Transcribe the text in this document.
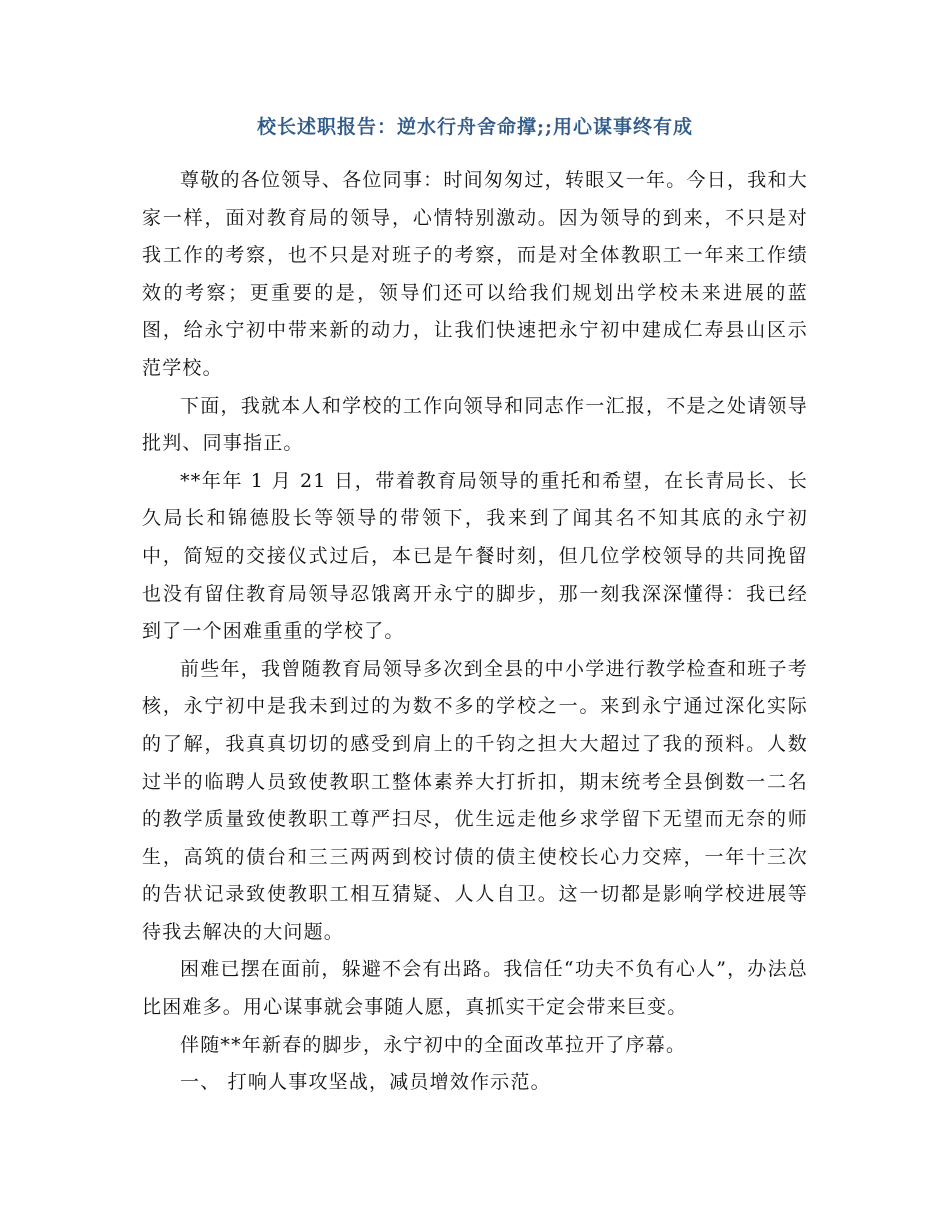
校长述职报告：逆水行舟舍命撑;;用心谋事终有成

尊敬的各位领导、各位同事：时间匆匆过，转眼又一年。今日，我和大家一样，面对教育局的领导，心情特别激动。因为领导的到来，不只是对我工作的考察，也不只是对班子的考察，而是对全体教职工一年来工作绩效的考察；更重要的是，领导们还可以给我们规划出学校未来进展的蓝图，给永宁初中带来新的动力，让我们快速把永宁初中建成仁寿县山区示范学校。

下面，我就本人和学校的工作向领导和同志作一汇报，不是之处请领导批判、同事指正。

**年年 1 月 21 日，带着教育局领导的重托和希望，在长青局长、长久局长和锦德股长等领导的带领下，我来到了闻其名不知其底的永宁初中，简短的交接仪式过后，本已是午餐时刻，但几位学校领导的共同挽留也没有留住教育局领导忍饿离开永宁的脚步，那一刻我深深懂得：我已经到了一个困难重重的学校了。

前些年，我曾随教育局领导多次到全县的中小学进行教学检查和班子考核，永宁初中是我未到过的为数不多的学校之一。来到永宁通过深化实际的了解，我真真切切的感受到肩上的千钧之担大大超过了我的预料。人数过半的临聘人员致使教职工整体素养大打折扣，期末统考全县倒数一二名的教学质量致使教职工尊严扫尽，优生远走他乡求学留下无望而无奈的师生，高筑的债台和三三两两到校讨债的债主使校长心力交瘁，一年十三次的告状记录致使教职工相互猜疑、人人自卫。这一切都是影响学校进展等待我去解决的大问题。

困难已摆在面前，躲避不会有出路。我信任“功夫不负有心人”，办法总比困难多。用心谋事就会事随人愿，真抓实干定会带来巨变。

伴随**年新春的脚步，永宁初中的全面改革拉开了序幕。

一、 打响人事攻坚战，减员增效作示范。
